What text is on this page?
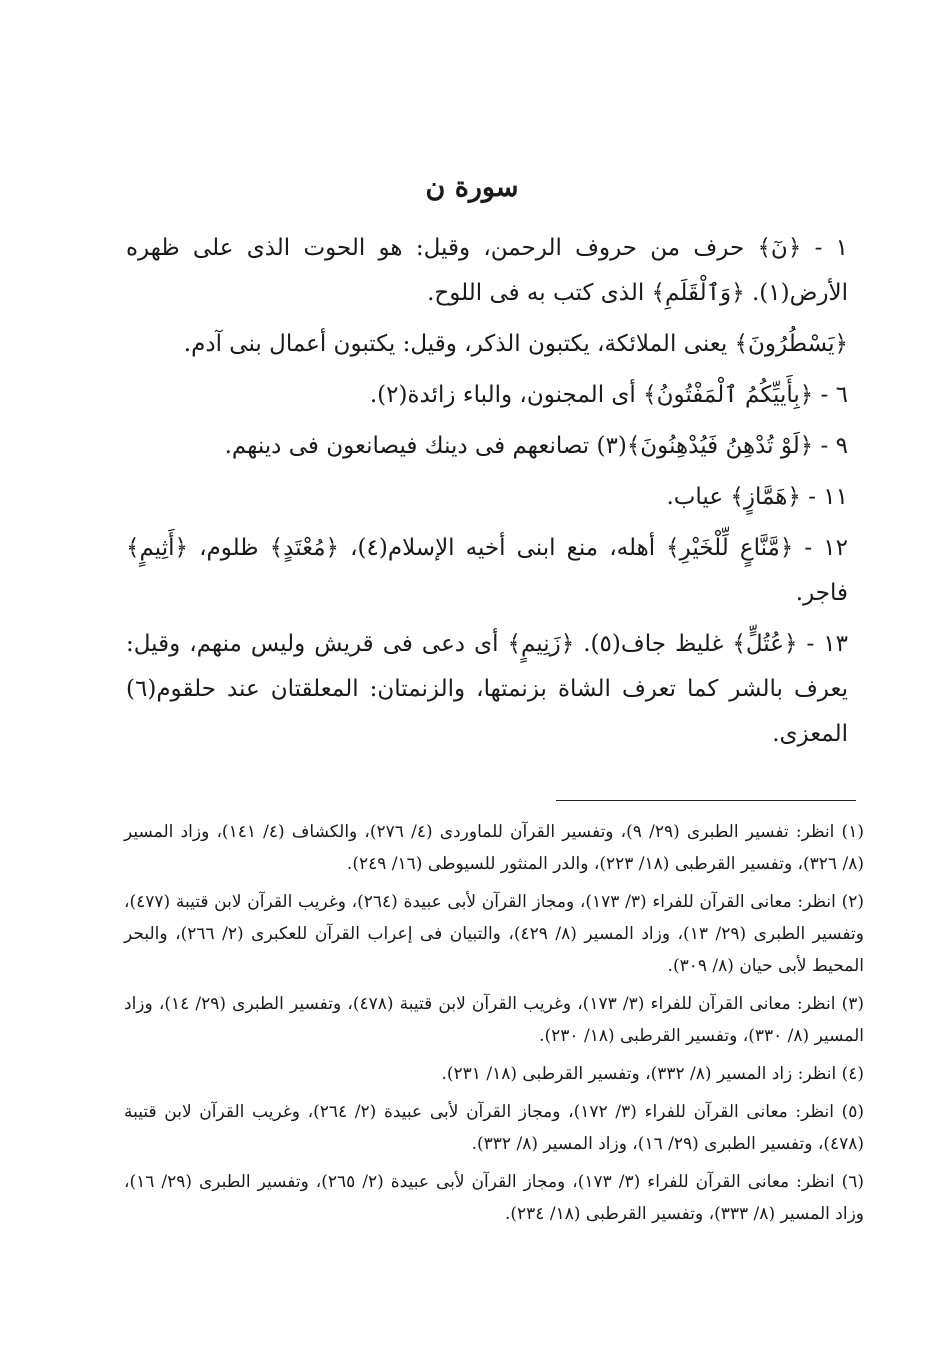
سورة ن

١ - ﴿نٓ﴾ حرف من حروف الرحمن، وقيل: هو الحوت الذى على ظهره الأرض(١). ﴿وَٱلْقَلَمِ﴾ الذى كتب به فى اللوح.

﴿يَسْطُرُونَ﴾ يعنى الملائكة، يكتبون الذكر، وقيل: يكتبون أعمال بنى آدم.

٦ - ﴿بِأَييِّكُمُ ٱلْمَفْتُونُ﴾ أى المجنون، والباء زائدة(٢).

٩ - ﴿لَوْ تُدْهِنُ فَيُدْهِنُونَ﴾(٣) تصانعهم فى دينك فيصانعون فى دينهم.

١١ - ﴿هَمَّازٍ﴾ عياب.

١٢ - ﴿مَّنَّاعٍ لِّلْخَيْرِ﴾ أهله، منع ابنى أخيه الإسلام(٤)، ﴿مُعْتَدٍ﴾ ظلوم، ﴿أَثِيمٍ﴾ فاجر.

١٣ - ﴿عُتُلٍّ﴾ غليظ جاف(٥). ﴿زَنِيمٍ﴾ أى دعى فى قريش وليس منهم، وقيل: يعرف بالشر كما تعرف الشاة بزنمتها، والزنمتان: المعلقتان عند حلقوم(٦) المعزى.

(١) انظر: تفسير الطبرى (٢٩/ ٩)، وتفسير القرآن للماوردى (٤/ ٢٧٦)، والكشاف (٤/ ١٤١)، وزاد المسير (٨/ ٣٢٦)، وتفسير القرطبى (١٨/ ٢٢٣)، والدر المنثور للسيوطى (١٦/ ٢٤٩).

(٢) انظر: معانى القرآن للفراء (٣/ ١٧٣)، ومجاز القرآن لأبى عبيدة (٢٦٤)، وغريب القرآن لابن قتيبة (٤٧٧)، وتفسير الطبرى (٢٩/ ١٣)، وزاد المسير (٨/ ٤٢٩)، والتبيان فى إعراب القرآن للعكبرى (٢/ ٢٦٦)، والبحر المحيط لأبى حيان (٨/ ٣٠٩).

(٣) انظر: معانى القرآن للفراء (٣/ ١٧٣)، وغريب القرآن لابن قتيبة (٤٧٨)، وتفسير الطبرى (٢٩/ ١٤)، وزاد المسير (٨/ ٣٣٠)، وتفسير القرطبى (١٨/ ٢٣٠).

(٤) انظر: زاد المسير (٨/ ٣٣٢)، وتفسير القرطبى (١٨/ ٢٣١).

(٥) انظر: معانى القرآن للفراء (٣/ ١٧٢)، ومجاز القرآن لأبى عبيدة (٢/ ٢٦٤)، وغريب القرآن لابن قتيبة (٤٧٨)، وتفسير الطبرى (٢٩/ ١٦)، وزاد المسير (٨/ ٣٣٢).

(٦) انظر: معانى القرآن للفراء (٣/ ١٧٣)، ومجاز القرآن لأبى عبيدة (٢/ ٢٦٥)، وتفسير الطبرى (٢٩/ ١٦)، وزاد المسير (٨/ ٣٣٣)، وتفسير القرطبى (١٨/ ٢٣٤).
